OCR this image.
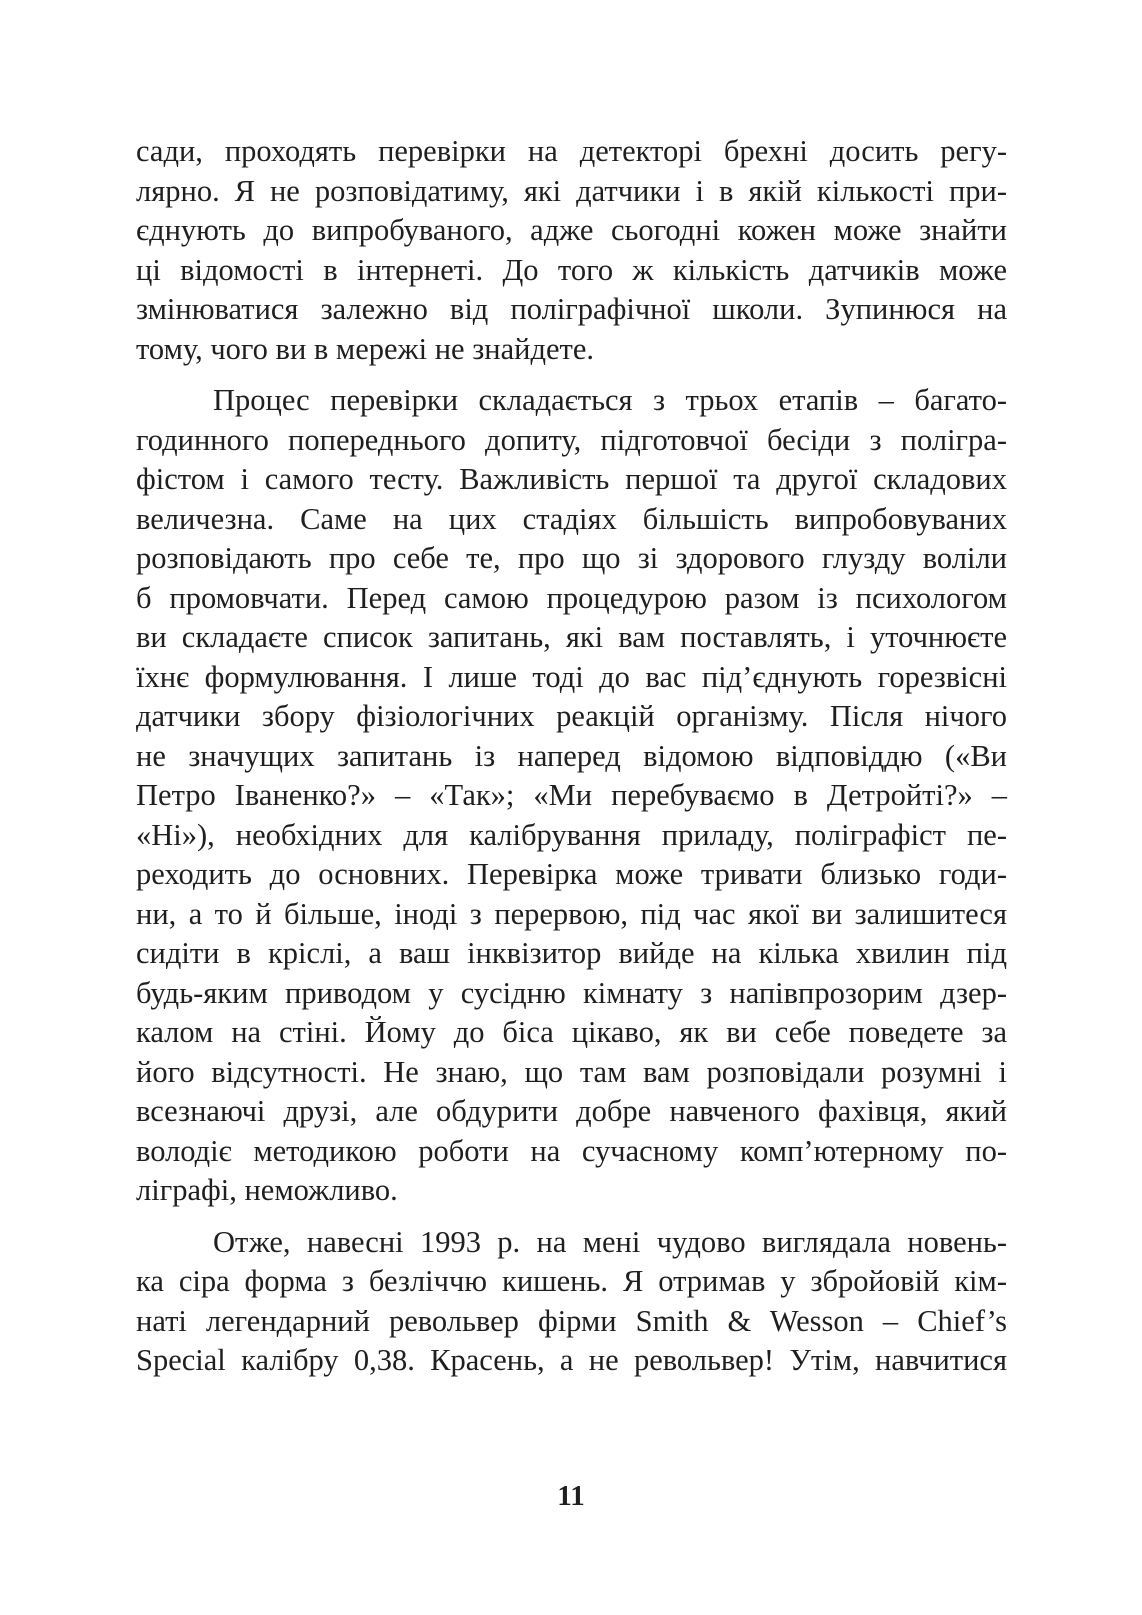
сади, проходять перевірки на детекторі брехні досить регу-
лярно. Я не розповідатиму, які датчики і в якій кількості при-
єднують до випробуваного, адже сьогодні кожен може знайти
ці відомості в інтернеті. До того ж кількість датчиків може
змінюватися залежно від поліграфічної школи. Зупинюся на
тому, чого ви в мережі не знайдете.
Процес перевірки складається з трьох етапів – багато-
годинного попереднього допиту, підготовчої бесіди з полігра-
фістом і самого тесту. Важливість першої та другої складових
величезна. Саме на цих стадіях більшість випробовуваних
розповідають про себе те, про що зі здорового глузду воліли
б промовчати. Перед самою процедурою разом із психологом
ви складаєте список запитань, які вам поставлять, і уточнюєте
їхнє формулювання. І лише тоді до вас під’єднують горезвісні
датчики збору фізіологічних реакцій організму. Після нічого
не значущих запитань із наперед відомою відповіддю («Ви
Петро Іваненко?» – «Так»; «Ми перебуваємо в Детройті?» –
«Ні»), необхідних для калібрування приладу, поліграфіст пе-
реходить до основних. Перевірка може тривати близько годи-
ни, а то й більше, іноді з перервою, під час якої ви залишитеся
сидіти в кріслі, а ваш інквізитор вийде на кілька хвилин під
будь-яким приводом у сусідню кімнату з напівпрозорим дзер-
калом на стіні. Йому до біса цікаво, як ви себе поведете за
його відсутності. Не знаю, що там вам розповідали розумні і
всезнаючі друзі, але обдурити добре навченого фахівця, який
володіє методикою роботи на сучасному комп’ютерному по-
ліграфі, неможливо.
Отже, навесні 1993 р. на мені чудово виглядала новень-
ка сіра форма з безліччю кишень. Я отримав у збройовій кім-
наті легендарний револьвер фірми Smith & Wesson – Chief’s
Special калібру 0,38. Красень, а не револьвер! Утім, навчитися
11
